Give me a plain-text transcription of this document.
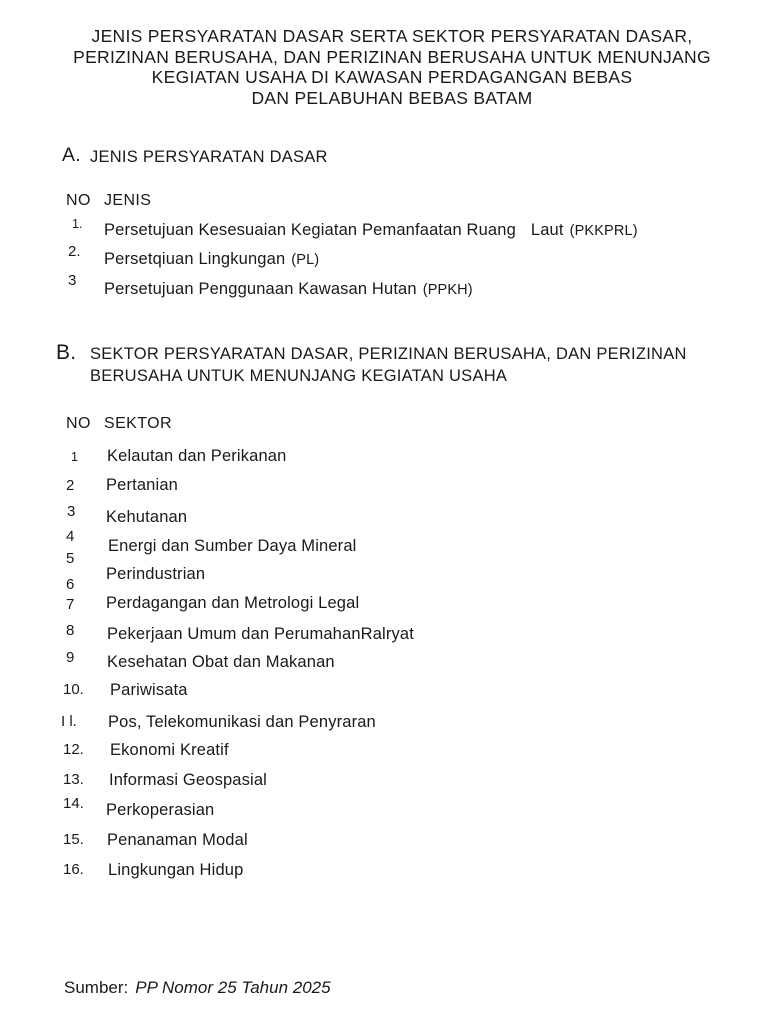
JENIS PERSYARATAN DASAR SERTA SEKTOR PERSYARATAN DASAR,
PERIZINAN BERUSAHA, DAN PERIZINAN BERUSAHA UNTUK MENUNJANG
KEGIATAN USAHA DI KAWASAN PERDAGANGAN BEBAS
DAN PELABUHAN BEBAS BATAM
A. JENIS PERSYARATAN DASAR
NO JENIS
1. Persetujuan Kesesuaian Kegiatan Pemanfaatan Ruang Laut (PKKPRL)
2. Persetqiuan Lingkungan (PL)
3 Persetujuan Penggunaan Kawasan Hutan (PPKH)
B. SEKTOR PERSYARATAN DASAR, PERIZINAN BERUSAHA, DAN PERIZINAN
BERUSAHA UNTUK MENUNJANG KEGIATAN USAHA
NO SEKTOR
1
2
3
4
5
6
7
8
9
10.
I l.
12.
13.
14.
15.
16.
Kelautan dan Perikanan
Pertanian
Kehutanan
Energi dan Sumber Daya Mineral
Perindustrian
Perdagangan dan Metrologi Legal
Pekerjaan Umum dan PerumahanRalryat
Kesehatan Obat dan Makanan
Pariwisata
Pos, Telekomunikasi dan Penyraran
Ekonomi Kreatif
Informasi Geospasial
Perkoperasian
Penanaman Modal
Lingkungan Hidup
Sumber: PP Nomor 25 Tahun 2025
